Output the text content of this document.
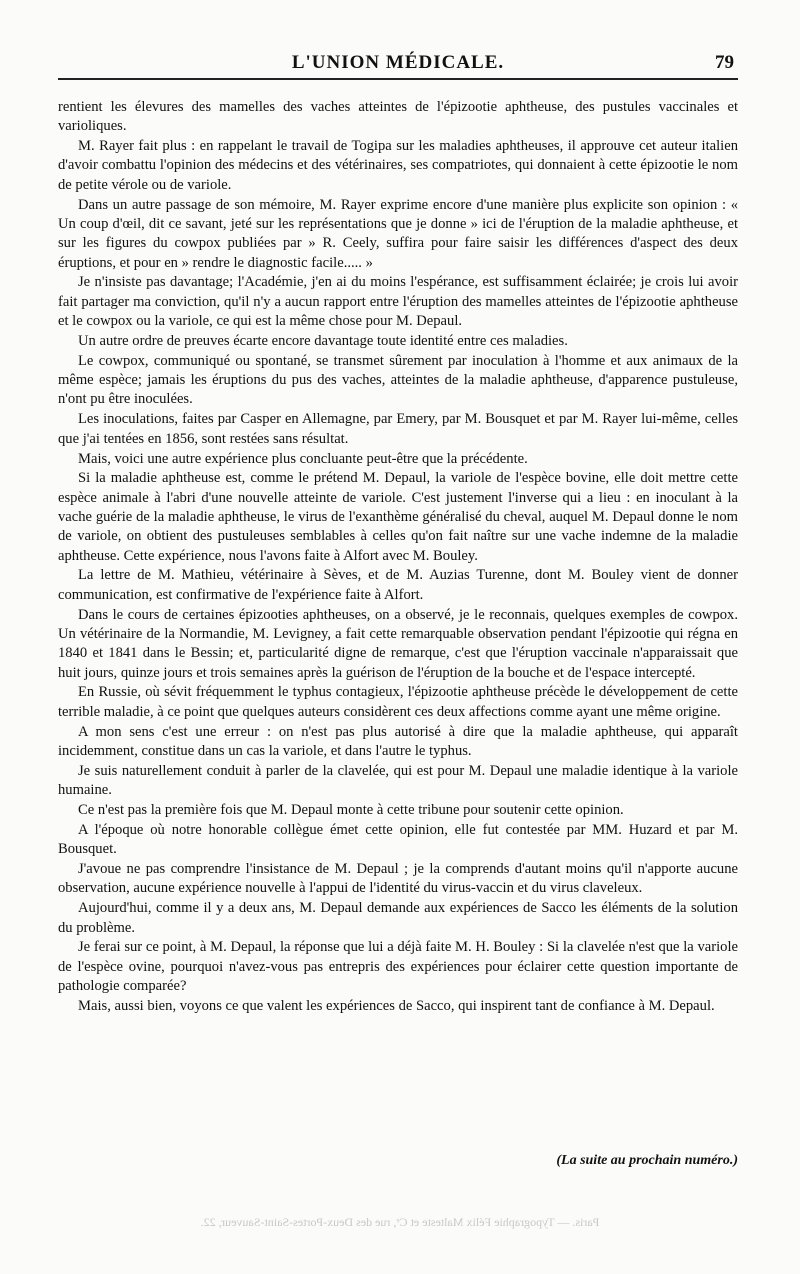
L'UNION MÉDICALE.	79

rentient les élevures des mamelles des vaches atteintes de l'épizootie aphtheuse, des pustules vaccinales et varioliques.

M. Rayer fait plus : en rappelant le travail de Togipa sur les maladies aphtheuses, il approuve cet auteur italien d'avoir combattu l'opinion des médecins et des vétérinaires, ses compatriotes, qui donnaient à cette épizootie le nom de petite vérole ou de variole.

Dans un autre passage de son mémoire, M. Rayer exprime encore d'une manière plus explicite son opinion : « Un coup d'œil, dit ce savant, jeté sur les représentations que je donne » ici de l'éruption de la maladie aphtheuse, et sur les figures du cowpox publiées par » R. Ceely, suffira pour faire saisir les différences d'aspect des deux éruptions, et pour en » rendre le diagnostic facile..... »

Je n'insiste pas davantage; l'Académie, j'en ai du moins l'espérance, est suffisamment éclairée; je crois lui avoir fait partager ma conviction, qu'il n'y a aucun rapport entre l'éruption des mamelles atteintes de l'épizootie aphtheuse et le cowpox ou la variole, ce qui est la même chose pour M. Depaul.

Un autre ordre de preuves écarte encore davantage toute identité entre ces maladies.

Le cowpox, communiqué ou spontané, se transmet sûrement par inoculation à l'homme et aux animaux de la même espèce; jamais les éruptions du pus des vaches, atteintes de la maladie aphtheuse, d'apparence pustuleuse, n'ont pu être inoculées.

Les inoculations, faites par Casper en Allemagne, par Emery, par M. Bousquet et par M. Rayer lui-même, celles que j'ai tentées en 1856, sont restées sans résultat.

Mais, voici une autre expérience plus concluante peut-être que la précédente.

Si la maladie aphtheuse est, comme le prétend M. Depaul, la variole de l'espèce bovine, elle doit mettre cette espèce animale à l'abri d'une nouvelle atteinte de variole. C'est justement l'inverse qui a lieu : en inoculant à la vache guérie de la maladie aphtheuse, le virus de l'exanthème généralisé du cheval, auquel M. Depaul donne le nom de variole, on obtient des pustuleuses semblables à celles qu'on fait naître sur une vache indemne de la maladie aphtheuse. Cette expérience, nous l'avons faite à Alfort avec M. Bouley.

La lettre de M. Mathieu, vétérinaire à Sèves, et de M. Auzias Turenne, dont M. Bouley vient de donner communication, est confirmative de l'expérience faite à Alfort.

Dans le cours de certaines épizooties aphtheuses, on a observé, je le reconnais, quelques exemples de cowpox. Un vétérinaire de la Normandie, M. Levigney, a fait cette remarquable observation pendant l'épizootie qui régna en 1840 et 1841 dans le Bessin; et, particularité digne de remarque, c'est que l'éruption vaccinale n'apparaissait que huit jours, quinze jours et trois semaines après la guérison de l'éruption de la bouche et de l'espace intercepté.

En Russie, où sévit fréquemment le typhus contagieux, l'épizootie aphtheuse précède le développement de cette terrible maladie, à ce point que quelques auteurs considèrent ces deux affections comme ayant une même origine.

A mon sens c'est une erreur : on n'est pas plus autorisé à dire que la maladie aphtheuse, qui apparaît incidemment, constitue dans un cas la variole, et dans l'autre le typhus.

Je suis naturellement conduit à parler de la clavelée, qui est pour M. Depaul une maladie identique à la variole humaine.

Ce n'est pas la première fois que M. Depaul monte à cette tribune pour soutenir cette opinion.

A l'époque où notre honorable collègue émet cette opinion, elle fut contestée par MM. Huzard et par M. Bousquet.

J'avoue ne pas comprendre l'insistance de M. Depaul ; je la comprends d'autant moins qu'il n'apporte aucune observation, aucune expérience nouvelle à l'appui de l'identité du virus-vaccin et du virus claveleux.

Aujourd'hui, comme il y a deux ans, M. Depaul demande aux expériences de Sacco les éléments de la solution du problème.

Je ferai sur ce point, à M. Depaul, la réponse que lui a déjà faite M. H. Bouley : Si la clavelée n'est que la variole de l'espèce ovine, pourquoi n'avez-vous pas entrepris des expériences pour éclairer cette question importante de pathologie comparée?

Mais, aussi bien, voyons ce que valent les expériences de Sacco, qui inspirent tant de confiance à M. Depaul.

(La suite au prochain numéro.)
Paris. — Typographie Félix Malteste et Cᵉ, rue des Deux-Portes-Saint-Sauveur, 22.
